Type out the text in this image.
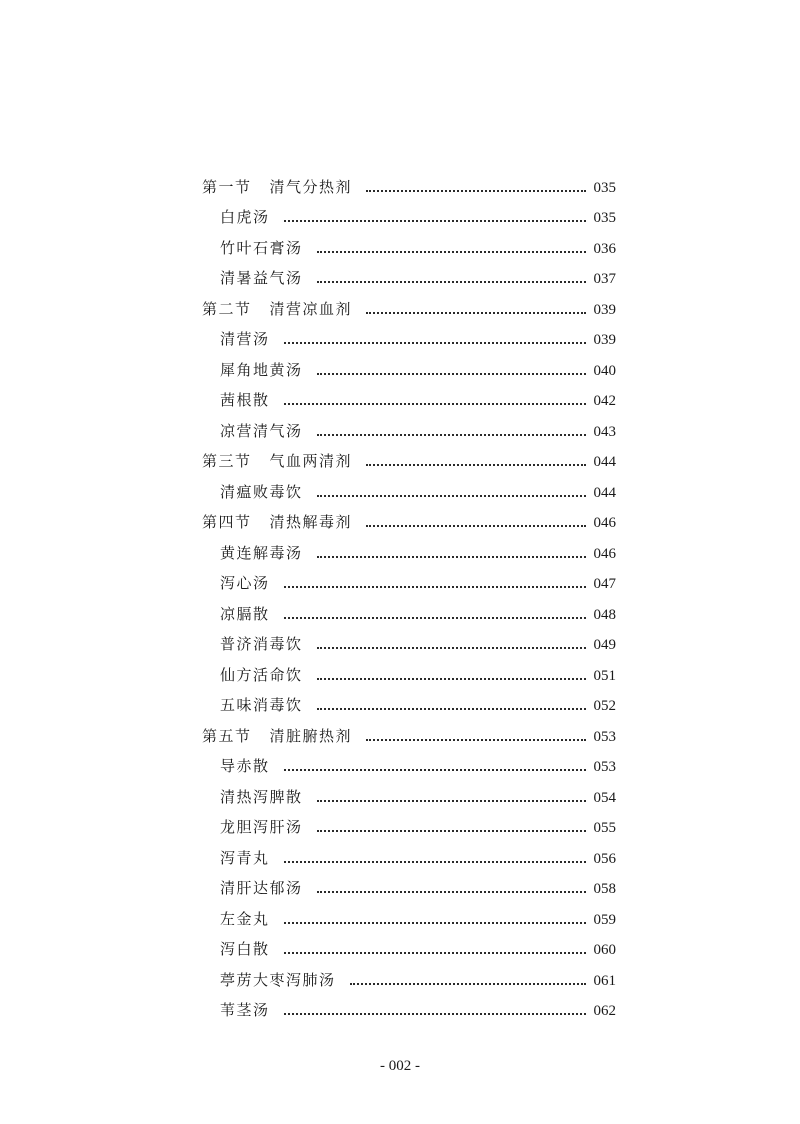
第一节 清气分热剂	035
白虎汤	035
竹叶石膏汤	036
清暑益气汤	037
第二节 清营凉血剂	039
清营汤	039
犀角地黄汤	040
茜根散	042
凉营清气汤	043
第三节 气血两清剂	044
清瘟败毒饮	044
第四节 清热解毒剂	046
黄连解毒汤	046
泻心汤	047
凉膈散	048
普济消毒饮	049
仙方活命饮	051
五味消毒饮	052
第五节 清脏腑热剂	053
导赤散	053
清热泻脾散	054
龙胆泻肝汤	055
泻青丸	056
清肝达郁汤	058
左金丸	059
泻白散	060
葶苈大枣泻肺汤	061
苇茎汤	062
- 002 -
